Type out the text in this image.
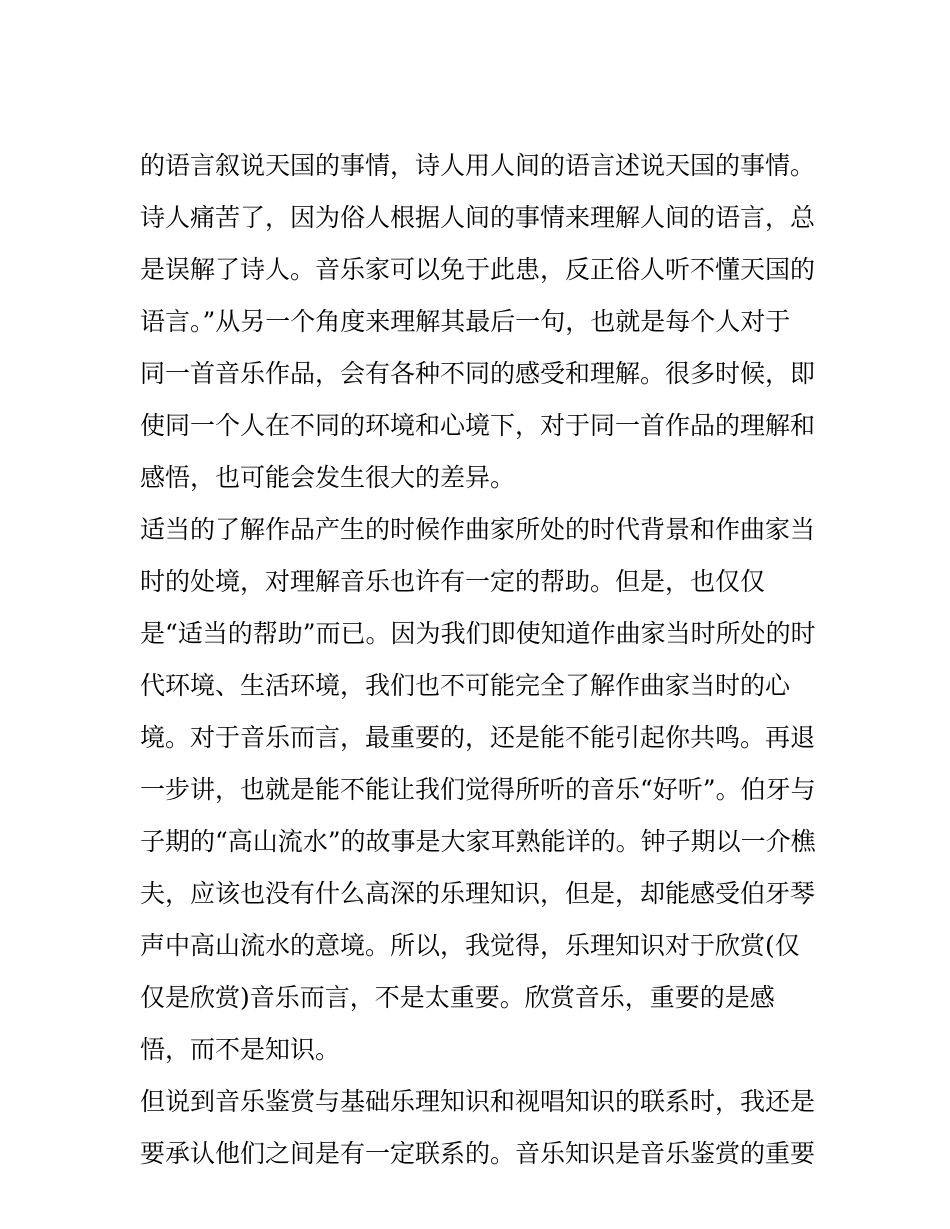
的语言叙说天国的事情，诗人用人间的语言述说天国的事情。
诗人痛苦了，因为俗人根据人间的事情来理解人间的语言，总
是误解了诗人。音乐家可以免于此患，反正俗人听不懂天国的
语言。”从另一个角度来理解其最后一句，也就是每个人对于
同一首音乐作品，会有各种不同的感受和理解。很多时候，即
使同一个人在不同的环境和心境下，对于同一首作品的理解和
感悟，也可能会发生很大的差异。
适当的了解作品产生的时候作曲家所处的时代背景和作曲家当
时的处境，对理解音乐也许有一定的帮助。但是，也仅仅
是“适当的帮助”而已。因为我们即使知道作曲家当时所处的时
代环境、生活环境，我们也不可能完全了解作曲家当时的心
境。对于音乐而言，最重要的，还是能不能引起你共鸣。再退
一步讲，也就是能不能让我们觉得所听的音乐“好听”。伯牙与
子期的“高山流水”的故事是大家耳熟能详的。钟子期以一介樵
夫，应该也没有什么高深的乐理知识，但是，却能感受伯牙琴
声中高山流水的意境。所以，我觉得，乐理知识对于欣赏(仅
仅是欣赏)音乐而言，不是太重要。欣赏音乐，重要的是感
悟，而不是知识。
但说到音乐鉴赏与基础乐理知识和视唱知识的联系时，我还是
要承认他们之间是有一定联系的。音乐知识是音乐鉴赏的重要
